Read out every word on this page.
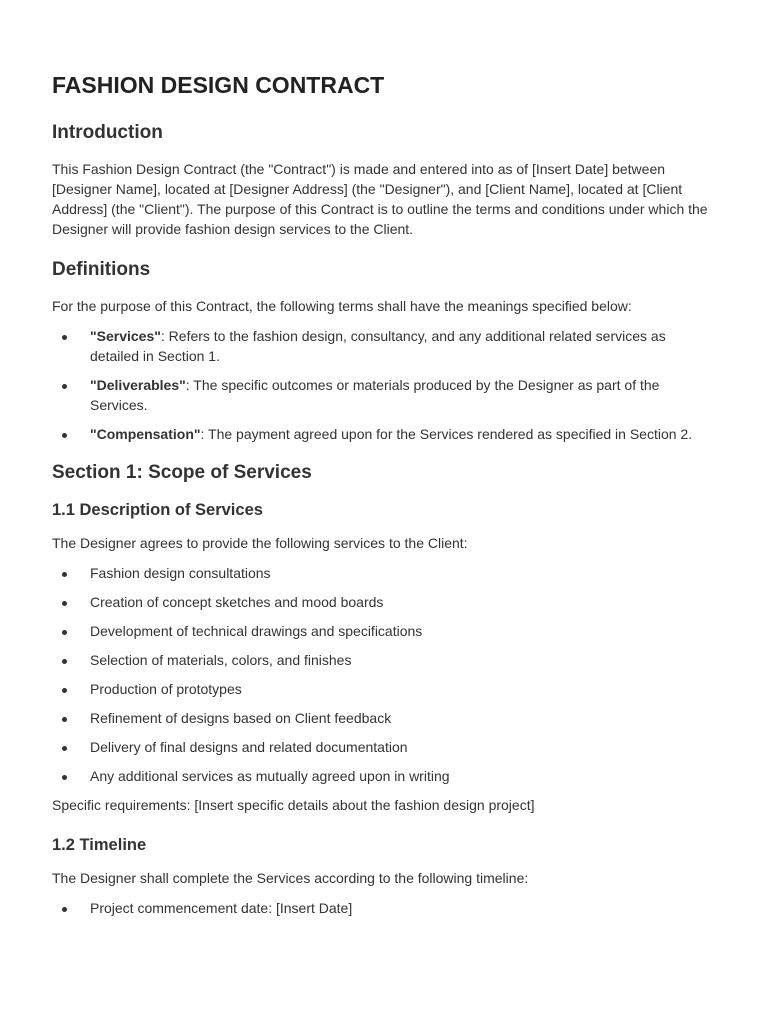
FASHION DESIGN CONTRACT
Introduction

This Fashion Design Contract (the "Contract") is made and entered into as of [Insert Date] between [Designer Name], located at [Designer Address] (the "Designer"), and [Client Name], located at [Client Address] (the "Client"). The purpose of this Contract is to outline the terms and conditions under which the Designer will provide fashion design services to the Client.

Definitions

For the purpose of this Contract, the following terms shall have the meanings specified below:

"Services": Refers to the fashion design, consultancy, and any additional related services as detailed in Section 1.
"Deliverables": The specific outcomes or materials produced by the Designer as part of the Services.
"Compensation": The payment agreed upon for the Services rendered as specified in Section 2.
Section 1: Scope of Services
1.1 Description of Services

The Designer agrees to provide the following services to the Client:

Fashion design consultations
Creation of concept sketches and mood boards
Development of technical drawings and specifications
Selection of materials, colors, and finishes
Production of prototypes
Refinement of designs based on Client feedback
Delivery of final designs and related documentation
Any additional services as mutually agreed upon in writing

Specific requirements: [Insert specific details about the fashion design project]

1.2 Timeline

The Designer shall complete the Services according to the following timeline:

Project commencement date: [Insert Date]
